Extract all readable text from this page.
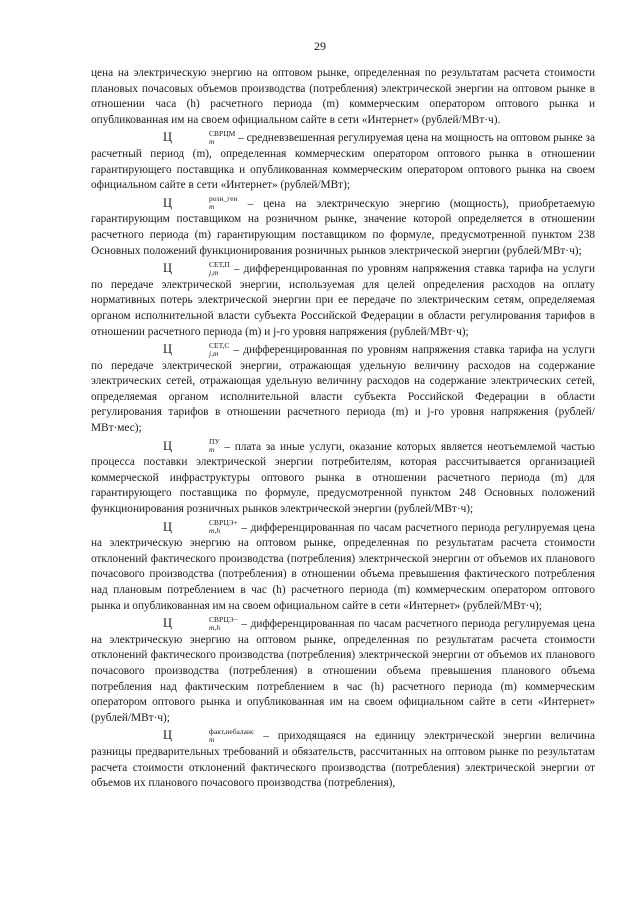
29

цена на электрическую энергию на оптовом рынке, определенная по результатам расчета стоимости плановых почасовых объемов производства (потребления) электрической энергии на оптовом рынке в отношении часа (h) расчетного периода (m) коммерческим оператором оптового рынка и опубликованная им на своем официальном сайте в сети «Интернет» (рублей/МВт·ч).

Ц	СВРЦМ
m	– средневзвешенная регулируемая цена на мощность на оптовом рынке за расчетный период (m), определенная коммерческим оператором оптового рынка в отношении гарантирующего поставщика и опубликованная коммерческим оператором оптового рынка на своем официальном сайте в сети «Интернет» (рублей/МВт);

Ц	розн_ген
m	– цена на электрическую энергию (мощность), приобретаемую гарантирующим поставщиком на розничном рынке, значение которой определяется в отношении расчетного периода (m) гарантирующим поставщиком по формуле, предусмотренной пунктом 238 Основных положений функционирования розничных рынков электрической энергии (рублей/МВт·ч);

Ц	СЕТ,П
j,m	– дифференцированная по уровням напряжения ставка тарифа на услуги по передаче электрической энергии, используемая для целей определения расходов на оплату нормативных потерь электрической энергии при ее передаче по электрическим сетям, определяемая органом исполнительной власти субъекта Российской Федерации в области регулирования тарифов в отношении расчетного периода (m) и j-го уровня напряжения (рублей/МВт·ч);

Ц	СЕТ,С
j,m – дифференцированная по уровням напряжения ставка тарифа на услуги по передаче электрической энергии, отражающая удельную величину расходов на содержание электрических сетей, отражающая удельную величину расходов на содержание электрических сетей, определяемая органом исполнительной власти субъекта Российской Федерации в области регулирования тарифов в отношении расчетного периода (m) и j-го уровня напряжения (рублей/МВт·мес);

Ц	ПУ
m – плата за иные услуги, оказание которых является неотъемлемой частью процесса поставки электрической энергии потребителям, которая рассчитывается организацией коммерческой инфраструктуры оптового рынка в отношении расчетного периода (m) для гарантирующего поставщика по формуле, предусмотренной пунктом 248 Основных положений функционирования розничных рынков электрической энергии (рублей/МВт·ч);

Ц	СВРЦЭ+
m,h	– дифференцированная по часам расчетного периода регулируемая цена на электрическую энергию на оптовом рынке, определенная по результатам расчета стоимости отклонений фактического производства (потребления) электрической энергии от объемов их планового почасового производства (потребления) в отношении объема превышения фактического потребления над плановым потреблением в час (h) расчетного периода (m) коммерческим оператором оптового рынка и опубликованная им на своем официальном сайте в сети «Интернет» (рублей/МВт·ч);

Ц	СВРЦЭ−
m,h	– дифференцированная по часам расчетного периода регулируемая цена на электрическую энергию на оптовом рынке, определенная по результатам расчета стоимости отклонений фактического производства (потребления) электрической энергии от объемов их планового почасового производства (потребления) в отношении объема превышения планового объема потребления над фактическим потреблением в час (h) расчетного периода (m) коммерческим оператором оптового рынка и опубликованная им на своем официальном сайте в сети «Интернет» (рублей/МВт·ч);

Ц	факт,небаланс
m	– приходящаяся на единицу электрической энергии величина разницы предварительных требований и обязательств, рассчитанных на оптовом рынке по результатам расчета стоимости отклонений фактического производства (потребления) электрической энергии от объемов их планового почасового производства (потребления),
